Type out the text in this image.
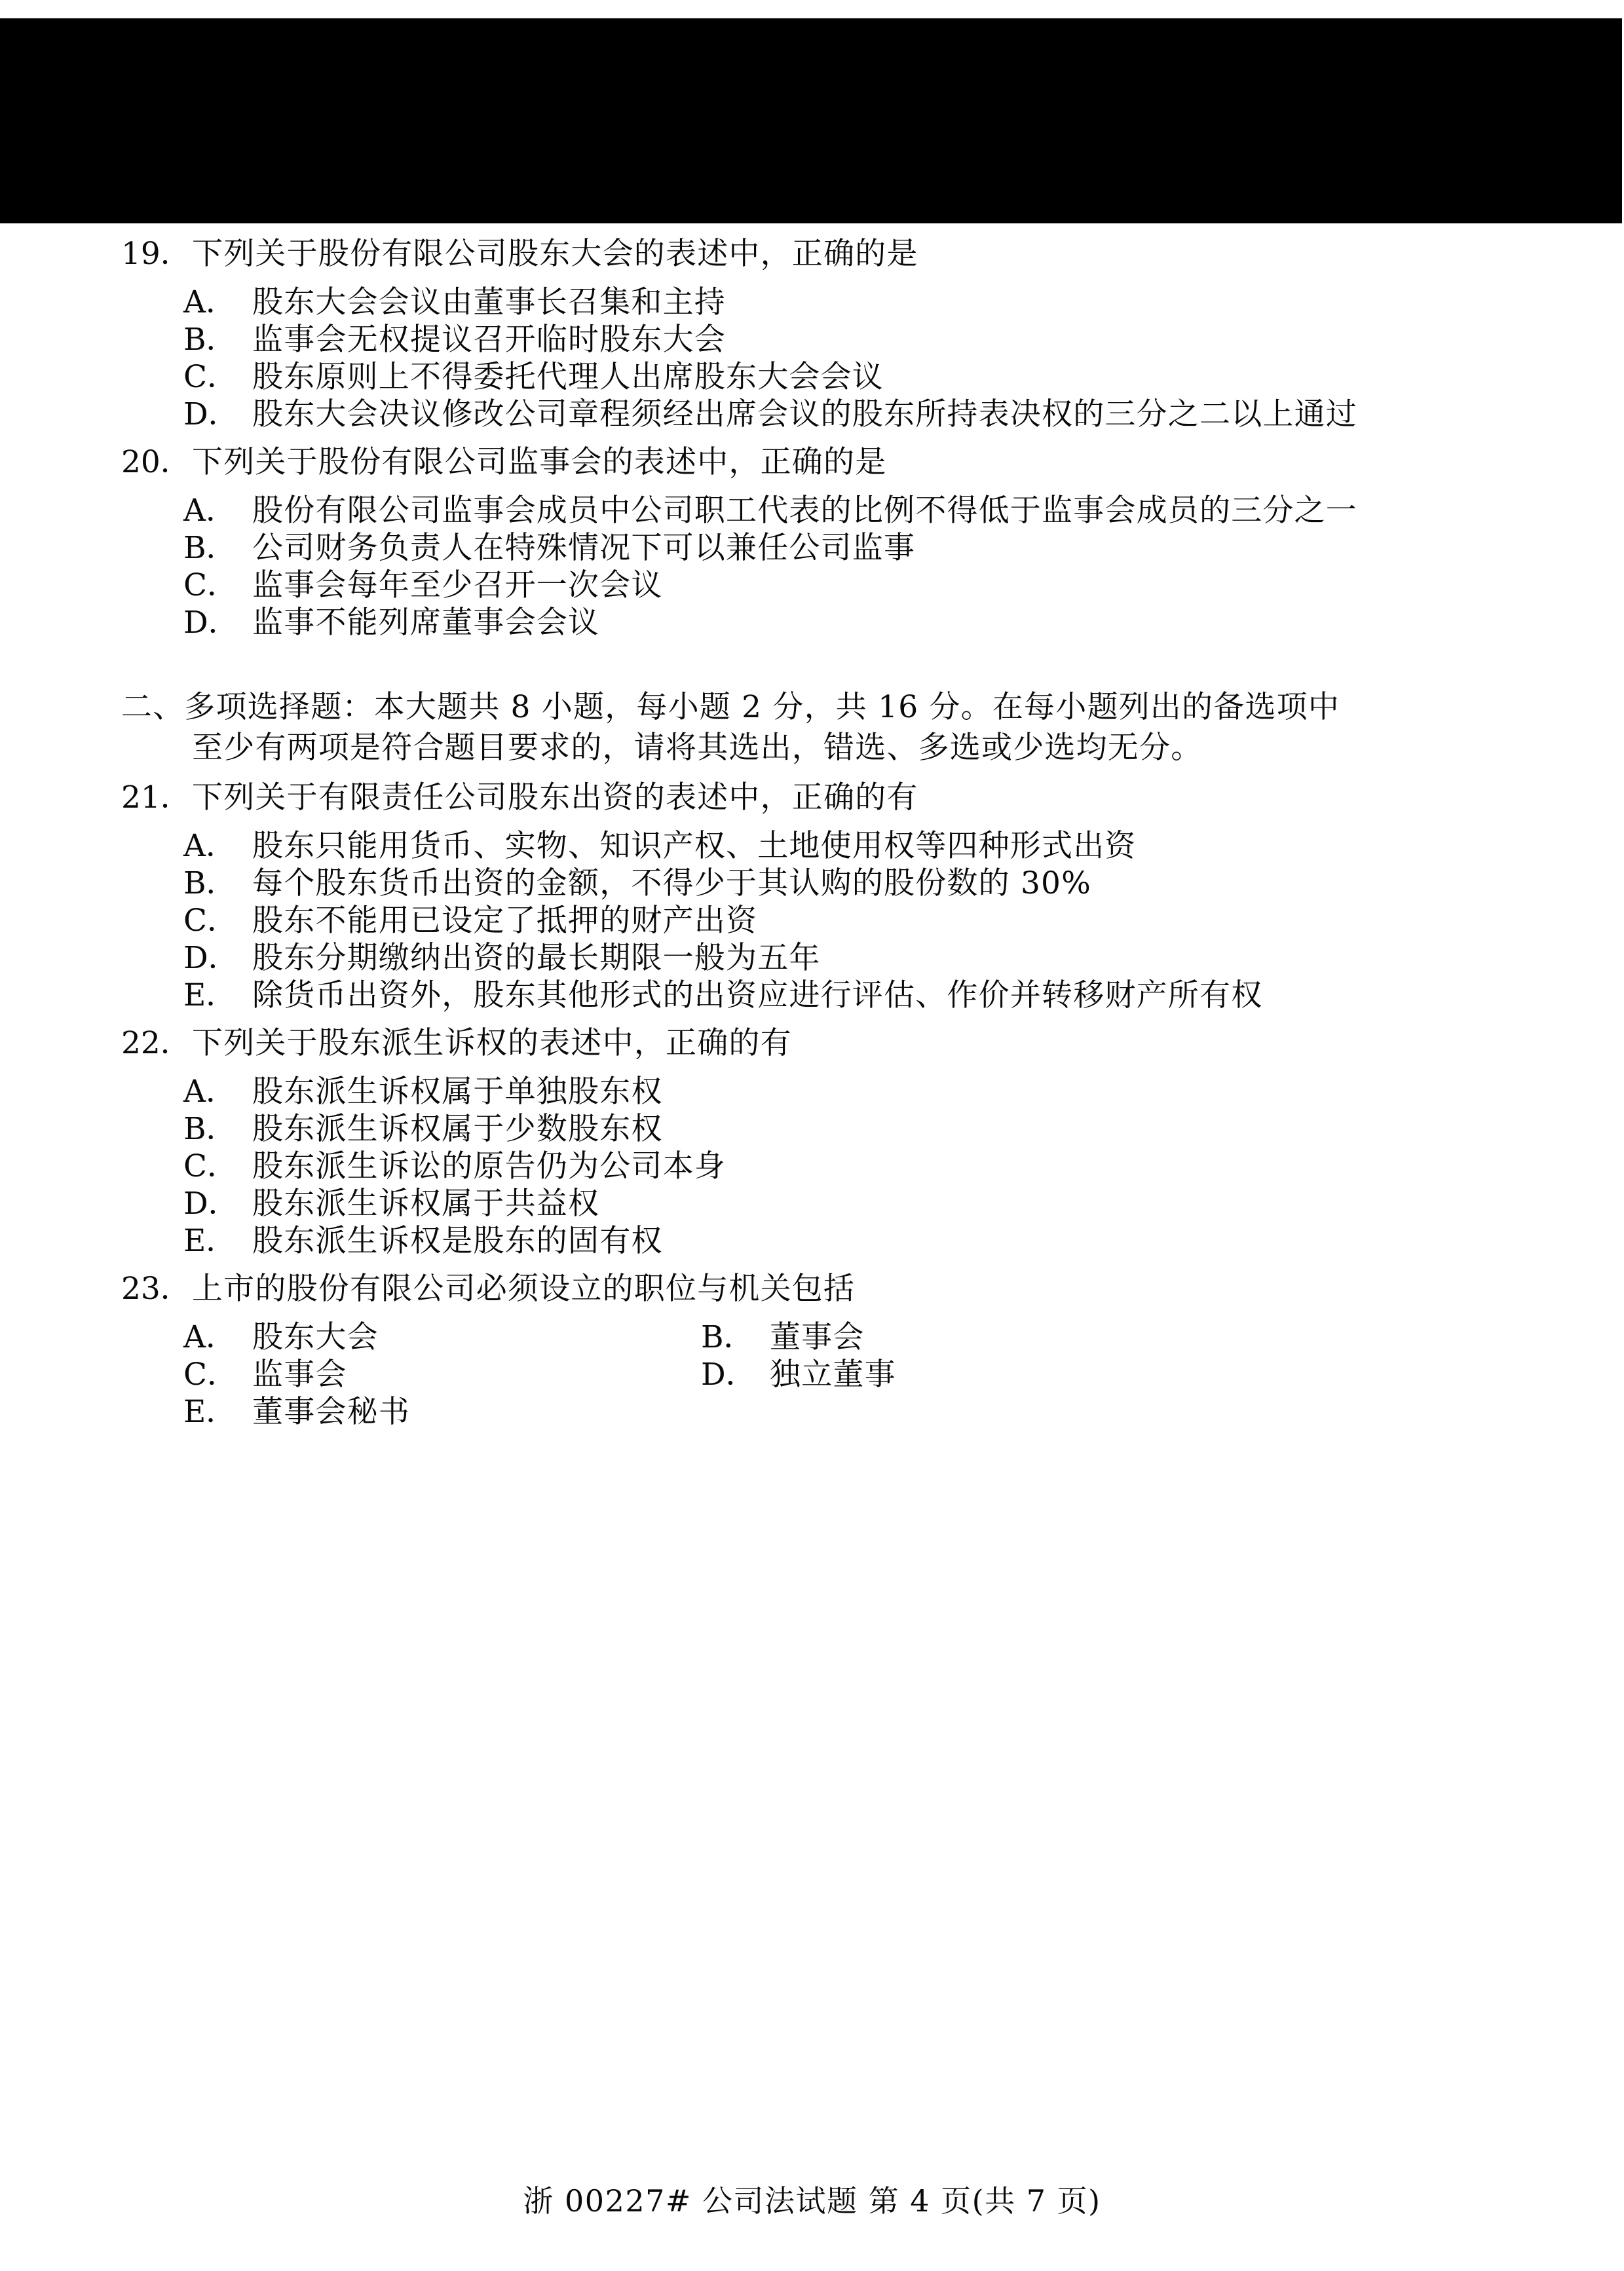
19． 下列关于股份有限公司股东大会的表述中，正确的是
A． 股东大会会议由董事长召集和主持
B． 监事会无权提议召开临时股东大会
C． 股东原则上不得委托代理人出席股东大会会议
D． 股东大会决议修改公司章程须经出席会议的股东所持表决权的三分之二以上通过
20． 下列关于股份有限公司监事会的表述中，正确的是
A． 股份有限公司监事会成员中公司职工代表的比例不得低于监事会成员的三分之一
B． 公司财务负责人在特殊情况下可以兼任公司监事
C． 监事会每年至少召开一次会议
D． 监事不能列席董事会会议
二、多项选择题：本大题共 8 小题，每小题 2 分，共 16 分。在每小题列出的备选项中
至少有两项是符合题目要求的，请将其选出，错选、多选或少选均无分。
21． 下列关于有限责任公司股东出资的表述中，正确的有
A． 股东只能用货币、实物、知识产权、土地使用权等四种形式出资
B． 每个股东货币出资的金额，不得少于其认购的股份数的 30%
C． 股东不能用已设定了抵押的财产出资
D． 股东分期缴纳出资的最长期限一般为五年
E． 除货币出资外，股东其他形式的出资应进行评估、作价并转移财产所有权
22． 下列关于股东派生诉权的表述中，正确的有
A． 股东派生诉权属于单独股东权
B． 股东派生诉权属于少数股东权
C． 股东派生诉讼的原告仍为公司本身
D． 股东派生诉权属于共益权
E． 股东派生诉权是股东的固有权
23． 上市的股份有限公司必须设立的职位与机关包括
A． 股东大会	B． 董事会
C． 监事会	D． 独立董事
E． 董事会秘书
浙 00227# 公司法试题 第 4 页(共 7 页)
